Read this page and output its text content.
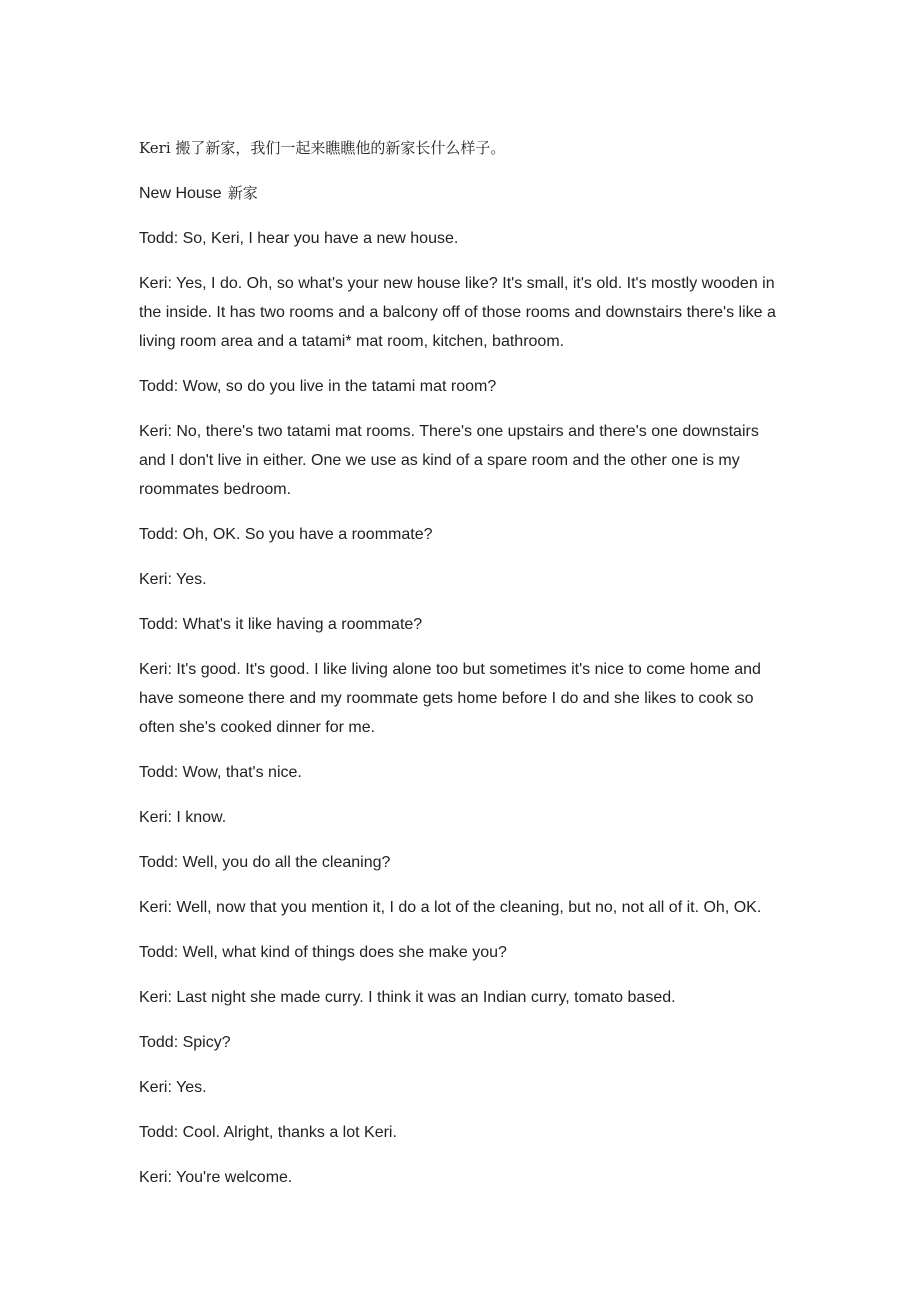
Keri 搬了新家，我们一起来瞧瞧他的新家长什么样子。

New House 新家

Todd: So, Keri, I hear you have a new house.

Keri: Yes, I do. Oh, so what's your new house like? It's small, it's old. It's mostly wooden in the inside. It has two rooms and a balcony off of those rooms and downstairs there's like a living room area and a tatami* mat room, kitchen, bathroom.

Todd: Wow, so do you live in the tatami mat room?

Keri: No, there's two tatami mat rooms. There's one upstairs and there's one downstairs and I don't live in either. One we use as kind of a spare room and the other one is my roommates bedroom.

Todd: Oh, OK. So you have a roommate?

Keri: Yes.

Todd: What's it like having a roommate?

Keri: It's good. It's good. I like living alone too but sometimes it's nice to come home and have someone there and my roommate gets home before I do and she likes to cook so often she's cooked dinner for me.

Todd: Wow, that's nice.

Keri: I know.

Todd: Well, you do all the cleaning?

Keri: Well, now that you mention it, I do a lot of the cleaning, but no, not all of it. Oh, OK.

Todd: Well, what kind of things does she make you?

Keri: Last night she made curry. I think it was an Indian curry, tomato based.

Todd: Spicy?

Keri: Yes.

Todd: Cool. Alright, thanks a lot Keri.

Keri: You're welcome.
